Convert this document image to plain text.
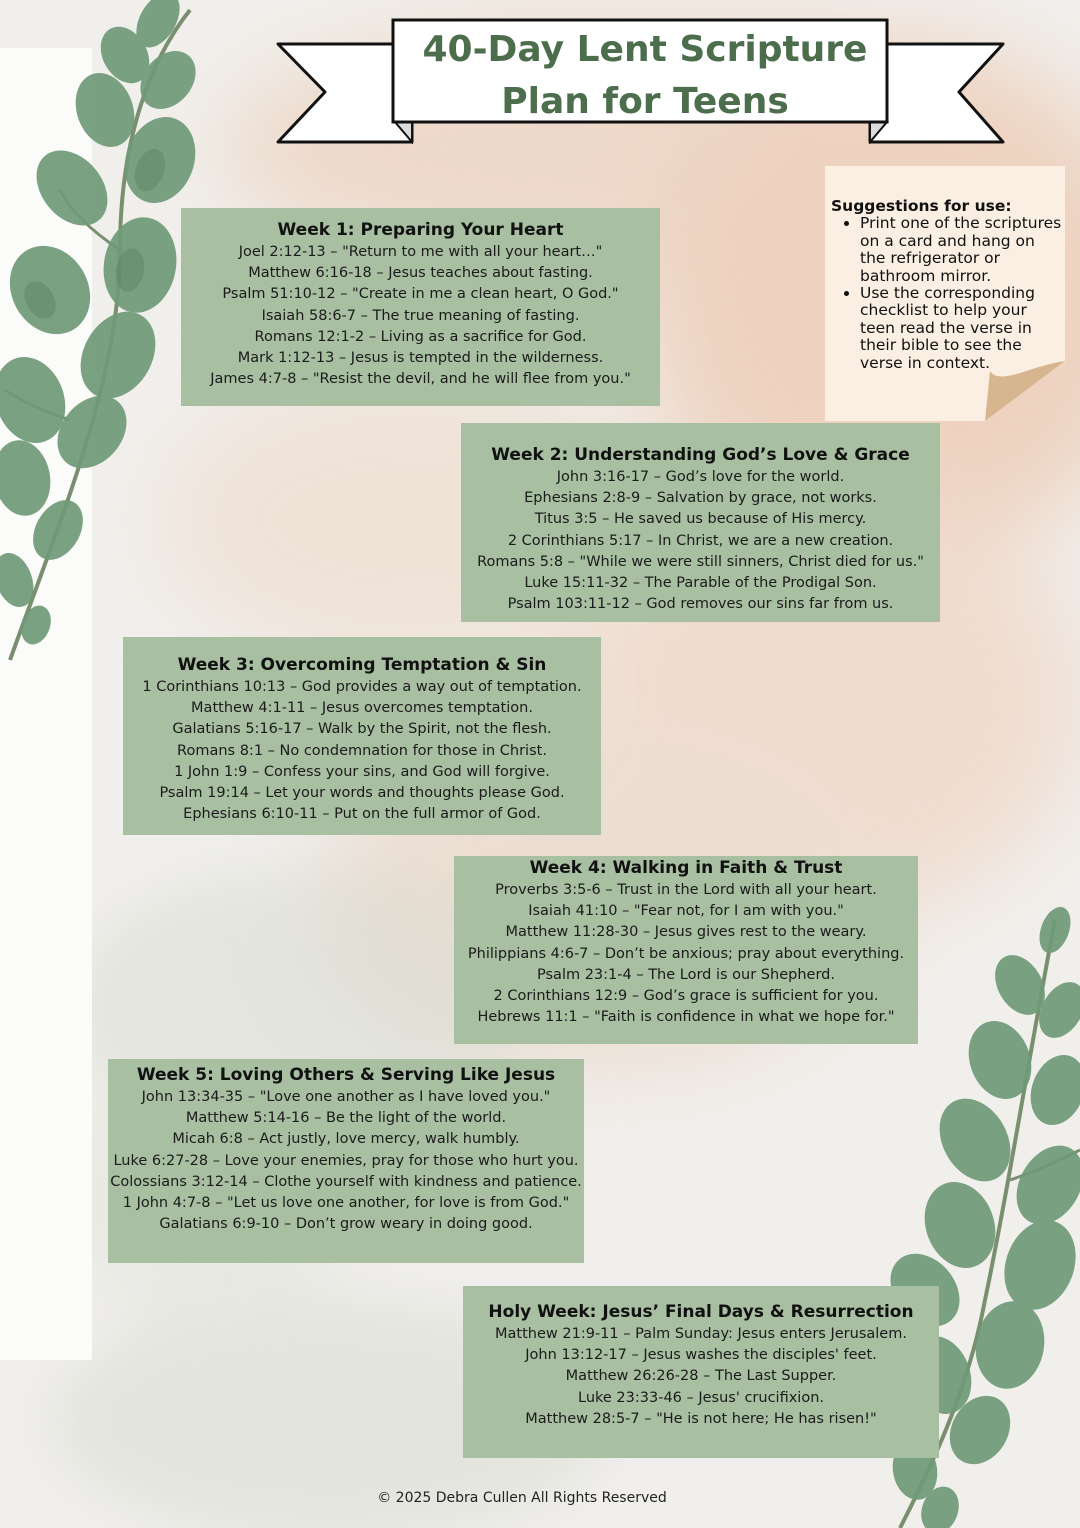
40-Day Lent Scripture
Plan for Teens
Suggestions for use:
• Print one of the scriptures on a card and hang on the refrigerator or bathroom mirror.
• Use the corresponding checklist to help your teen read the verse in their bible to see the verse in context.
Week 1: Preparing Your Heart
Joel 2:12-13 – "Return to me with all your heart…"
Matthew 6:16-18 – Jesus teaches about fasting.
Psalm 51:10-12 – "Create in me a clean heart, O God."
Isaiah 58:6-7 – The true meaning of fasting.
Romans 12:1-2 – Living as a sacrifice for God.
Mark 1:12-13 – Jesus is tempted in the wilderness.
James 4:7-8 – "Resist the devil, and he will flee from you."
Week 2: Understanding God’s Love & Grace
John 3:16-17 – God’s love for the world.
Ephesians 2:8-9 – Salvation by grace, not works.
Titus 3:5 – He saved us because of His mercy.
2 Corinthians 5:17 – In Christ, we are a new creation.
Romans 5:8 – "While we were still sinners, Christ died for us."
Luke 15:11-32 – The Parable of the Prodigal Son.
Psalm 103:11-12 – God removes our sins far from us.
Week 3: Overcoming Temptation & Sin
1 Corinthians 10:13 – God provides a way out of temptation.
Matthew 4:1-11 – Jesus overcomes temptation.
Galatians 5:16-17 – Walk by the Spirit, not the flesh.
Romans 8:1 – No condemnation for those in Christ.
1 John 1:9 – Confess your sins, and God will forgive.
Psalm 19:14 – Let your words and thoughts please God.
Ephesians 6:10-11 – Put on the full armor of God.
Week 4: Walking in Faith & Trust
Proverbs 3:5-6 – Trust in the Lord with all your heart.
Isaiah 41:10 – "Fear not, for I am with you."
Matthew 11:28-30 – Jesus gives rest to the weary.
Philippians 4:6-7 – Don’t be anxious; pray about everything.
Psalm 23:1-4 – The Lord is our Shepherd.
2 Corinthians 12:9 – God’s grace is sufficient for you.
Hebrews 11:1 – "Faith is confidence in what we hope for."
Week 5: Loving Others & Serving Like Jesus
John 13:34-35 – "Love one another as I have loved you."
Matthew 5:14-16 – Be the light of the world.
Micah 6:8 – Act justly, love mercy, walk humbly.
Luke 6:27-28 – Love your enemies, pray for those who hurt you.
Colossians 3:12-14 – Clothe yourself with kindness and patience.
1 John 4:7-8 – "Let us love one another, for love is from God."
Galatians 6:9-10 – Don’t grow weary in doing good.
Holy Week: Jesus’ Final Days & Resurrection
Matthew 21:9-11 – Palm Sunday: Jesus enters Jerusalem.
John 13:12-17 – Jesus washes the disciples' feet.
Matthew 26:26-28 – The Last Supper.
Luke 23:33-46 – Jesus' crucifixion.
Matthew 28:5-7 – "He is not here; He has risen!"
© 2025 Debra Cullen All Rights Reserved
